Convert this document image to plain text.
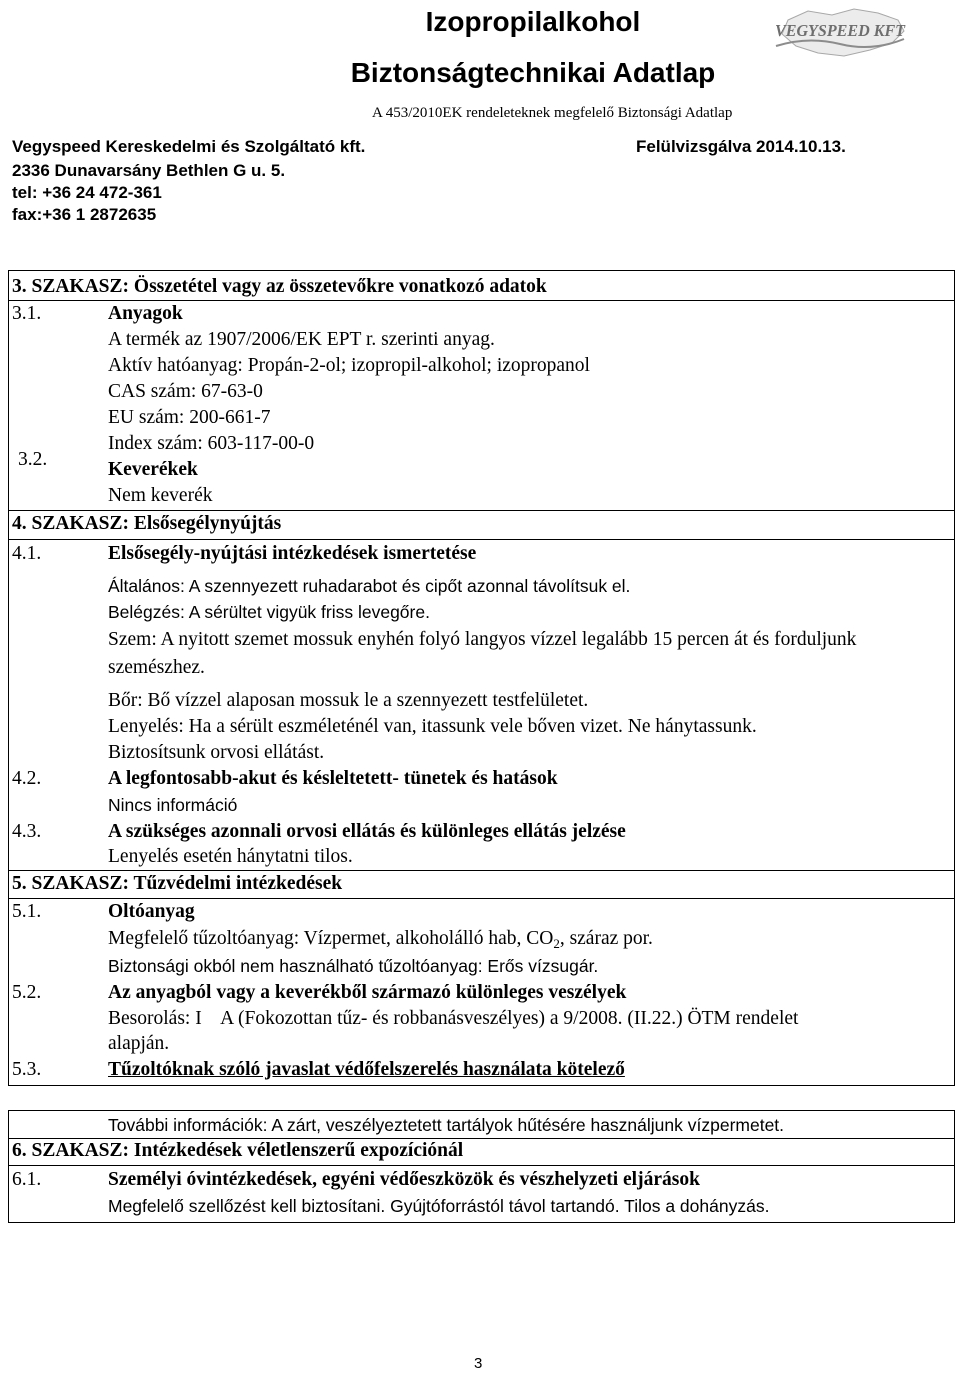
Izopropilalkohol
Biztonságtechnikai Adatlap
A 453/2010EK rendeleteknek megfelelő Biztonsági Adatlap
VEGYSPEED KFT
Vegyspeed Kereskedelmi és Szolgáltató kft.	Felülvizsgálva 2014.10.13.
2336 Dunavarsány Bethlen G u. 5.
tel: +36 24 472-361
fax:+36 1 2872635
3. SZAKASZ: Összetétel vagy az összetevőkre vonatkozó adatok
3.1.	Anyagok
A termék az 1907/2006/EK EPT r. szerinti anyag.
Aktív hatóanyag: Propán-2-ol; izopropil-alkohol; izopropanol
CAS szám: 67-63-0
EU szám: 200-661-7
Index szám: 603-117-00-0
3.2.	Keverékek
Nem keverék
4. SZAKASZ: Elsősegélynyújtás
4.1.	Elsősegély-nyújtási intézkedések ismertetése
Általános: A szennyezett ruhadarabot és cipőt azonnal távolítsuk el.
Belégzés: A sérültet vigyük friss levegőre.
Szem: A nyitott szemet mossuk enyhén folyó langyos vízzel legalább 15 percen át és forduljunk
szemészhez.
Bőr: Bő vízzel alaposan mossuk le a szennyezett testfelületet.
Lenyelés: Ha a sérült eszméleténél van, itassunk vele bőven vizet. Ne hánytassunk.
Biztosítsunk orvosi ellátást.
4.2.	A legfontosabb-akut és késleltetett- tünetek és hatások
Nincs információ
4.3.	A szükséges azonnali orvosi ellátás és különleges ellátás jelzése
Lenyelés esetén hánytatni tilos.
5. SZAKASZ: Tűzvédelmi intézkedések
5.1.	Oltóanyag
Megfelelő tűzoltóanyag: Vízpermet, alkoholálló hab, $CO_2$, száraz por.
Biztonsági okból nem használható tűzoltóanyag: Erős vízsugár.
5.2.	Az anyagból vagy a keverékből származó különleges veszélyek
Besorolás: I    A (Fokozottan tűz- és robbanásveszélyes) a 9/2008. (II.22.) ÖTM rendelet
alapján.
5.3.	Tűzoltóknak szóló javaslat védőfelszerelés használata kötelező
További információk: A zárt, veszélyeztetett tartályok hűtésére használjunk vízpermetet.
6. SZAKASZ: Intézkedések véletlenszerű expozíciónál
6.1.	Személyi óvintézkedések, egyéni védőeszközök és vészhelyzeti eljárások
Megfelelő szellőzést kell biztosítani. Gyújtóforrástól távol tartandó. Tilos a dohányzás.
3
